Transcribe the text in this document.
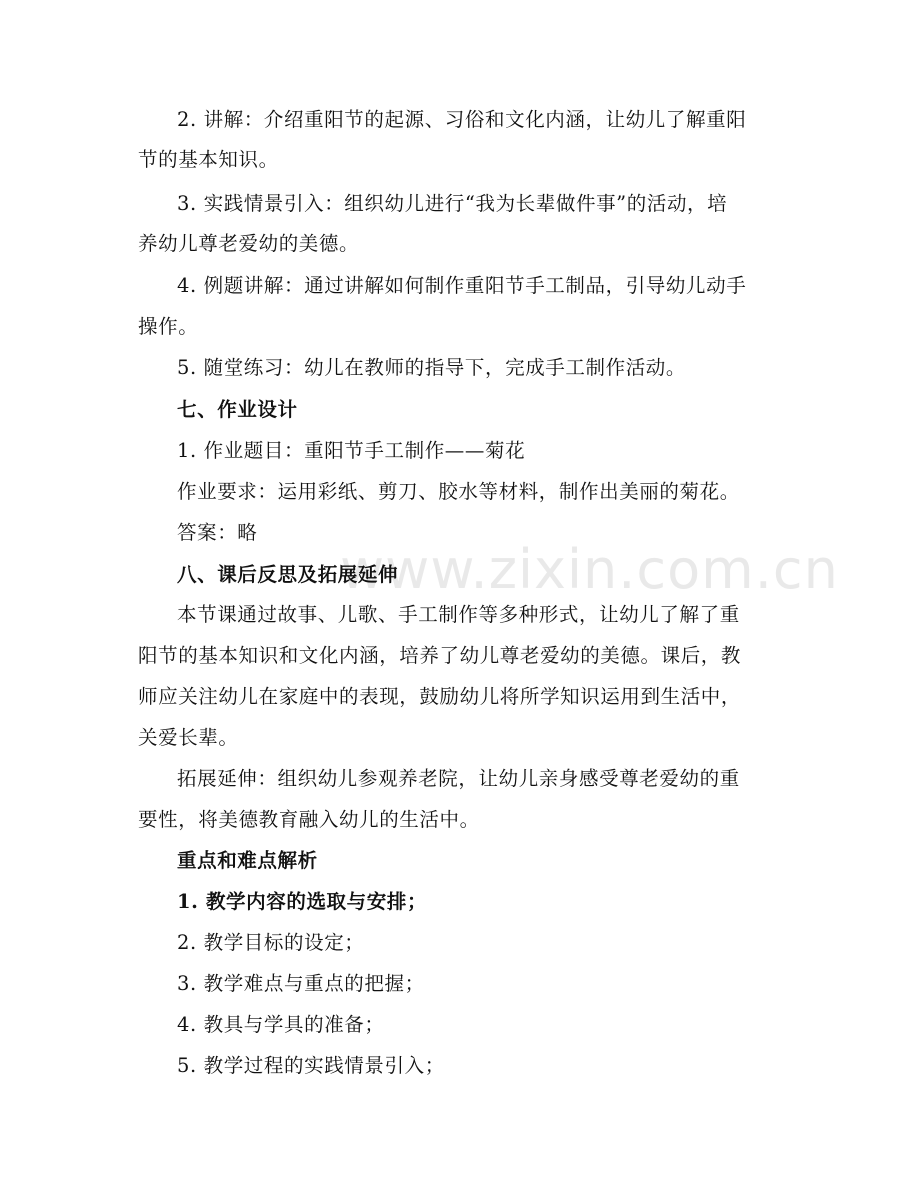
www.zixin.com.cn
2. 讲解：介绍重阳节的起源、习俗和文化内涵，让幼儿了解重阳
节的基本知识。
3. 实践情景引入：组织幼儿进行“我为长辈做件事”的活动，培
养幼儿尊老爱幼的美德。
4. 例题讲解：通过讲解如何制作重阳节手工制品，引导幼儿动手
操作。
5. 随堂练习：幼儿在教师的指导下，完成手工制作活动。
七、作业设计
1. 作业题目：重阳节手工制作——菊花
作业要求：运用彩纸、剪刀、胶水等材料，制作出美丽的菊花。
答案：略
八、课后反思及拓展延伸
本节课通过故事、儿歌、手工制作等多种形式，让幼儿了解了重
阳节的基本知识和文化内涵，培养了幼儿尊老爱幼的美德。课后，教
师应关注幼儿在家庭中的表现，鼓励幼儿将所学知识运用到生活中，
关爱长辈。
拓展延伸：组织幼儿参观养老院，让幼儿亲身感受尊老爱幼的重
要性，将美德教育融入幼儿的生活中。
重点和难点解析
1. 教学内容的选取与安排；
2. 教学目标的设定；
3. 教学难点与重点的把握；
4. 教具与学具的准备；
5. 教学过程的实践情景引入；
